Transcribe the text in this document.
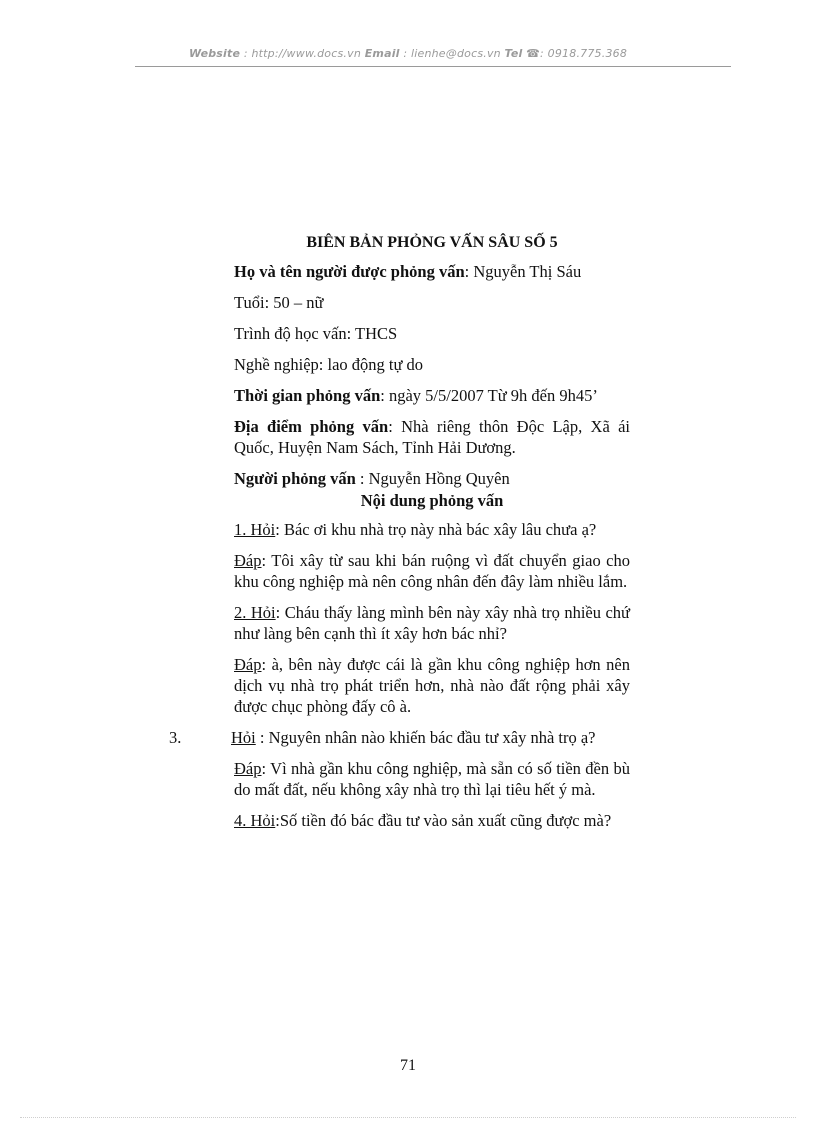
Website : http://www.docs.vn Email : lienhe@docs.vn Tel ☎: 0918.775.368
BIÊN BẢN PHỎNG VẤN SÂU SỐ 5

Họ và tên người được phỏng vấn: Nguyễn Thị Sáu

Tuổi: 50 – nữ

Trình độ học vấn: THCS

Nghề nghiệp: lao động tự do

Thời gian phỏng vấn: ngày 5/5/2007 Từ 9h đến 9h45’

Địa điểm phỏng vấn: Nhà riêng thôn Độc Lập, Xã ái Quốc, Huyện Nam Sách, Tỉnh Hải Dương.

Người phỏng vấn : Nguyễn Hồng Quyên

Nội dung phỏng vấn

1. Hỏi: Bác ơi khu nhà trọ này nhà bác xây lâu chưa ạ?

Đáp: Tôi xây từ sau khi bán ruộng vì đất chuyển giao cho khu công nghiệp mà nên công nhân đến đây làm nhiều lắm.

2. Hỏi: Cháu thấy làng mình bên này xây nhà trọ nhiều chứ như làng bên cạnh thì ít xây hơn bác nhỉ?

Đáp: à, bên này được cái là gần khu công nghiệp hơn nên dịch vụ nhà trọ phát triển hơn, nhà nào đất rộng phải xây được chục phòng đấy cô à.

3.	Hỏi : Nguyên nhân nào khiến bác đầu tư xây nhà trọ ạ?

Đáp: Vì nhà gần khu công nghiệp, mà sẵn có số tiền đền bù do mất đất, nếu không xây nhà trọ thì lại tiêu hết ý mà.

4. Hỏi:Số tiền đó bác đầu tư vào sản xuất cũng được mà?

71
